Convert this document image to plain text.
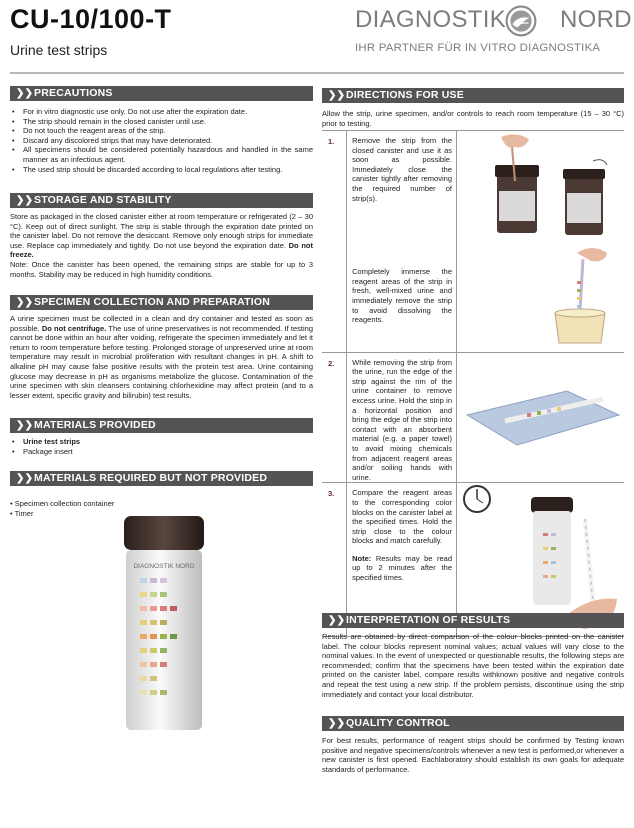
CU-10/100-T
Urine test strips
DIAGNOSTIK NORD
IHR PARTNER FÜR IN VITRO DIAGNOSTIKA
❯❯PRECAUTIONS
• For in vitro diagnostic use only. Do not use after the expiration date.
• The strip should remain in the closed canister until use.
• Do not touch the reagent areas of the strip.
• Discard any discolored strips that may have deteriorated.
• All specimens should be considered potentially hazardous and handled in the same manner as an infectious agent.
• The used strip should be discarded according to local regulations after testing.
❯❯STORAGE AND STABILITY
Store as packaged in the closed canister either at room temperature or refrigerated (2 – 30 °C). Keep out of direct sunlight. The strip is stable through the expiration date printed on the canister label. Do not remove the desiccant. Remove only enough strips for immediate use. Replace cap immediately and tightly. Do not use beyond the expiration date. Do not freeze.
Note: Once the canister has been opened, the remaining strips are stable for up to 3 months. Stability may be reduced in high humidity conditions.
❯❯SPECIMEN COLLECTION AND PREPARATION
A urine specimen must be collected in a clean and dry container and tested as soon as possible. Do not centrifuge. The use of urine preservatives is not recommended. If testing cannot be done within an hour after voiding, refrigerate the specimen immediately and let it return to room temperature before testing. Prolonged storage of unpreserved urine at room temperature may result in microbial proliferation with resultant changes in pH. A shift to alkaline pH may cause false positive results with the protein test area. Urine containing glucose may decrease in pH as organisms metabolize the glucose. Contamination of the urine specimen with skin cleansers containing chlorhexidine may affect protein (and to a lesser extent, specific gravity and bilirubin) test results.
❯❯MATERIALS PROVIDED
• Urine test strips
• Package insert
❯❯MATERIALS REQUIRED BUT NOT PROVIDED
• Specimen collection container
• Timer
DIAGNOSTIK NORD
❯❯DIRECTIONS FOR USE
Allow the strip, urine specimen, and/or controls to reach room temperature (15 – 30 °C) prior to testing.
1.	Remove the strip from the closed canister and use it as soon as possible. Immediately close the canister tightly after removing the required number of strip(s).
Completely immerse the reagent areas of the strip in fresh, well-mixed urine and immediately remove the strip to avoid dissolving the reagents.

2.	While removing the strip from the urine, run the edge of the strip against the rim of the urine container to remove excess urine. Hold the strip in a horizontal position and bring the edge of the strip into contact with an absorbent material (e.g. a paper towel) to avoid mixing chemicals from adjacent reagent areas and/or soiling hands with urine.	
3.	Compare the reagent areas to the corresponding color blocks on the canister label at the specified times. Hold the strip close to the colour blocks and match carefully.
Note: Results may be read up to 2 minutes after the specified times.

❯❯INTERPRETATION OF RESULTS
Results are obtained by direct comparison of the colour blocks printed on the canister label. The colour blocks represent nominal values; actual values will vary close to the nominal values. In the event of unexpected or questionable results, the following steps are recommended; confirm that the specimens have been tested within the expiration date printed on the canister label, compare results withknown positive and negative controls and repeat the test using a new strip. If the problem persists, discontinue using the strip immediately and contact your local distributor.
❯❯QUALITY CONTROL
For best results, performance of reagent strips should be confirmed by Testing known positive and negative specimens/controls whenever a new test is performed,or whenever a new canister is first opened. Eachlaboratory should establish its own goals for adequate standards of performance.
